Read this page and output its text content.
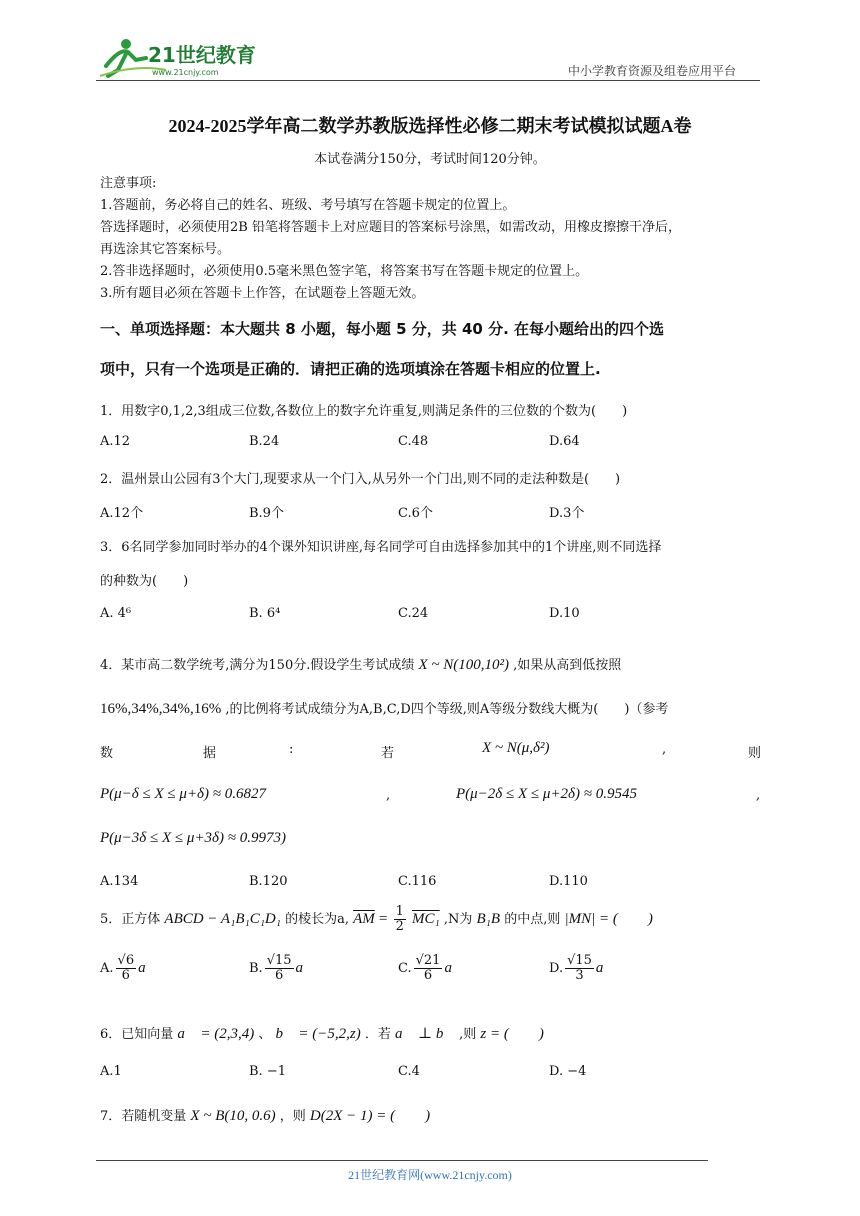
21世纪教育
www.21cnjy.com	中小学教育资源及组卷应用平台
2024-2025学年高二数学苏教版选择性必修二期末考试模拟试题A卷
本试卷满分150分，考试时间120分钟。
注意事项:
1.答题前，务必将自己的姓名、班级、考号填写在答题卡规定的位置上。
答选择题时，必须使用2B 铅笔将答题卡上对应题目的答案标号涂黑，如需改动，用橡皮擦擦干净后，
再选涂其它答案标号。
2.答非选择题时，必须使用0.5毫米黑色签字笔，将答案书写在答题卡规定的位置上。
3.所有题目必须在答题卡上作答，在试题卷上答题无效。
一、单项选择题：本大题共 8 小题，每小题 5 分，共 40 分. 在每小题给出的四个选
项中，只有一个选项是正确的．请把正确的选项填涂在答题卡相应的位置上.
1．用数字0,1,2,3组成三位数,各数位上的数字允许重复,则满足条件的三位数的个数为(　　)
A.12	B.24	C.48	D.64
2．温州景山公园有3个大门,现要求从一个门入,从另外一个门出,则不同的走法种数是(　　)
A.12个	B.9个	C.6个	D.3个
3．6名同学参加同时举办的4个课外知识讲座,每名同学可自由选择参加其中的1个讲座,则不同选择
的种数为(　　)
A. 4⁶	B. 6⁴	C.24	D.10
4．某市高二数学统考,满分为150分.假设学生考试成绩 X ~ N(100,10²) ,如果从高到低按照
16%,34%,34%,16% ,的比例将考试成绩分为A,B,C,D四个等级,则A等级分数线大概为(　　)（参考
数	据	:	若	X ~ N(μ,δ²)	,	则
P(μ−δ ≤ X ≤ μ+δ) ≈ 0.6827	,	P(μ−2δ ≤ X ≤ μ+2δ) ≈ 0.9545	,
P(μ−3δ ≤ X ≤ μ+3δ) ≈ 0.9973)
A.134	B.120	C.116	D.110
5．正方体 ABCD − A₁B₁C₁D₁ 的棱长为a, $\overline{AM} = \frac{1}{2} MC_1$ ,N为 B₁B 的中点,则 |MN| = (　　)
A. $\frac{√6}{6}$ a	B. $\frac{√15}{6}$ a	C. $\frac{√21}{6}$ a	D. $\frac{√15}{3}$ a
6．已知向量 a⃗ = (2,3,4) 、 b⃗ = (−5,2,z) ．若 a⃗ ⊥ b⃗ ,则 z = (　　)
A.1	B. −1	C.4	D. −4
7．若随机变量 X ~ B(10, 0.6) ，则 D(2X − 1) = (　　)
21世纪教育网(www.21cnjy.com)
